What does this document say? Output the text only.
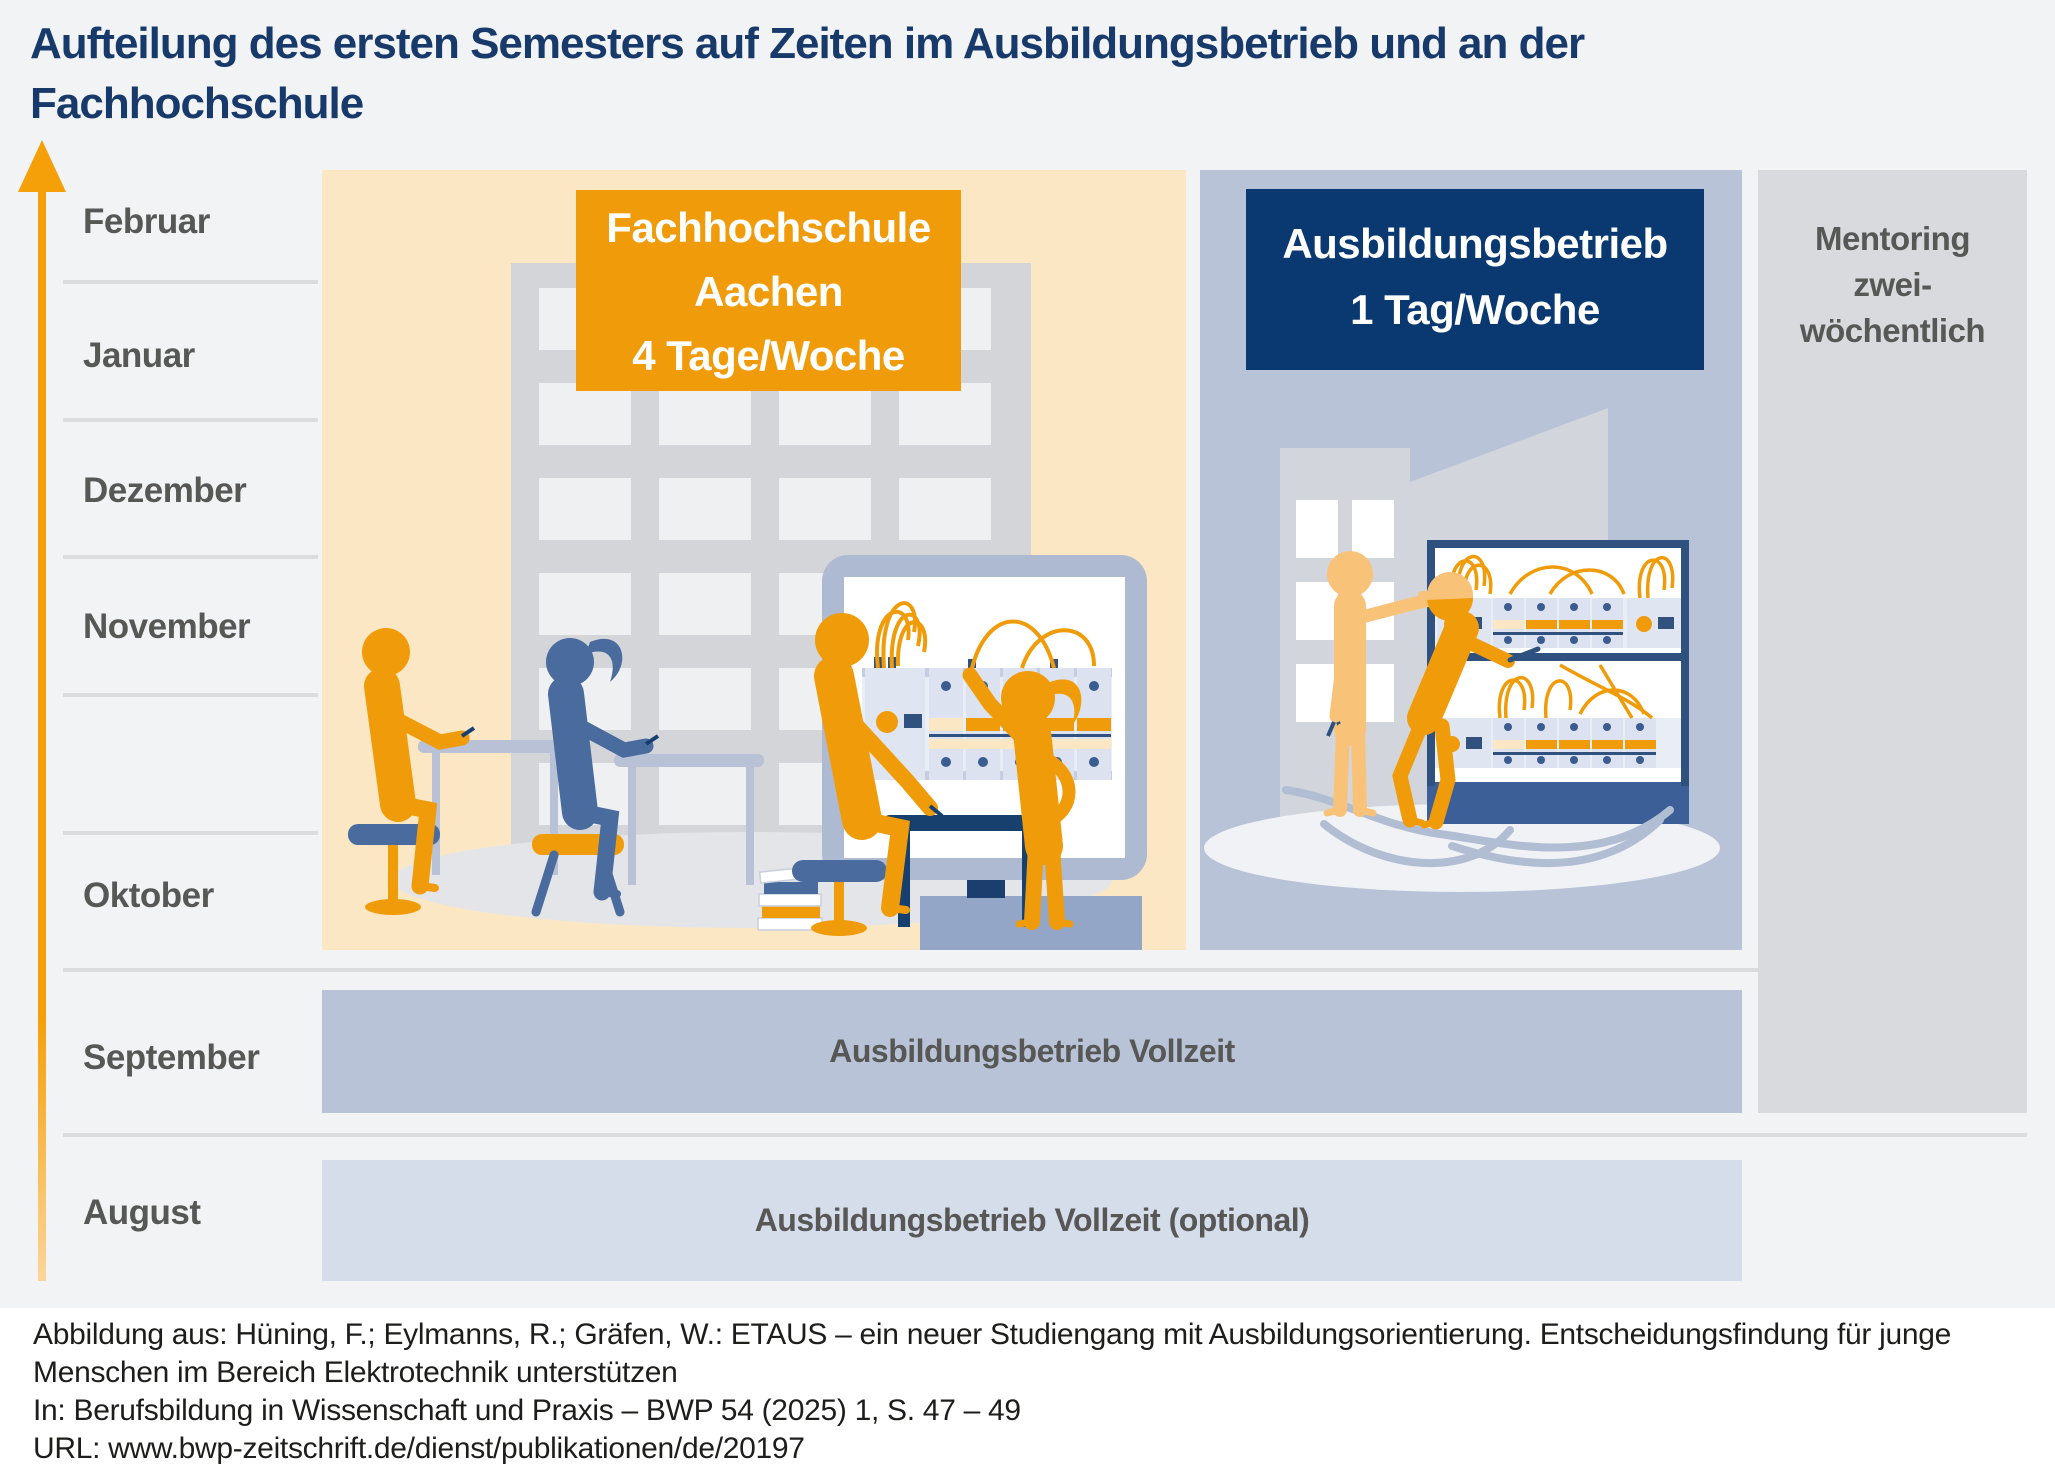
Aufteilung des ersten Semesters auf Zeiten im Ausbildungsbetrieb und an der
Fachhochschule
Februar
Januar
Dezember
November
Oktober
September
August
Fachhochschule
Aachen
4 Tage/Woche
Ausbildungsbetrieb
1 Tag/Woche
Mentoring
zwei-
wöchentlich
Ausbildungsbetrieb Vollzeit
Ausbildungsbetrieb Vollzeit (optional)
Abbildung aus: Hüning, F.; Eylmanns, R.; Gräfen, W.: ETAUS – ein neuer Studiengang mit Ausbildungsorientierung. Entscheidungsfindung für junge
Menschen im Bereich Elektrotechnik unterstützen
In: Berufsbildung in Wissenschaft und Praxis – BWP 54 (2025) 1, S. 47 – 49
URL: www.bwp-zeitschrift.de/dienst/publikationen/de/20197
